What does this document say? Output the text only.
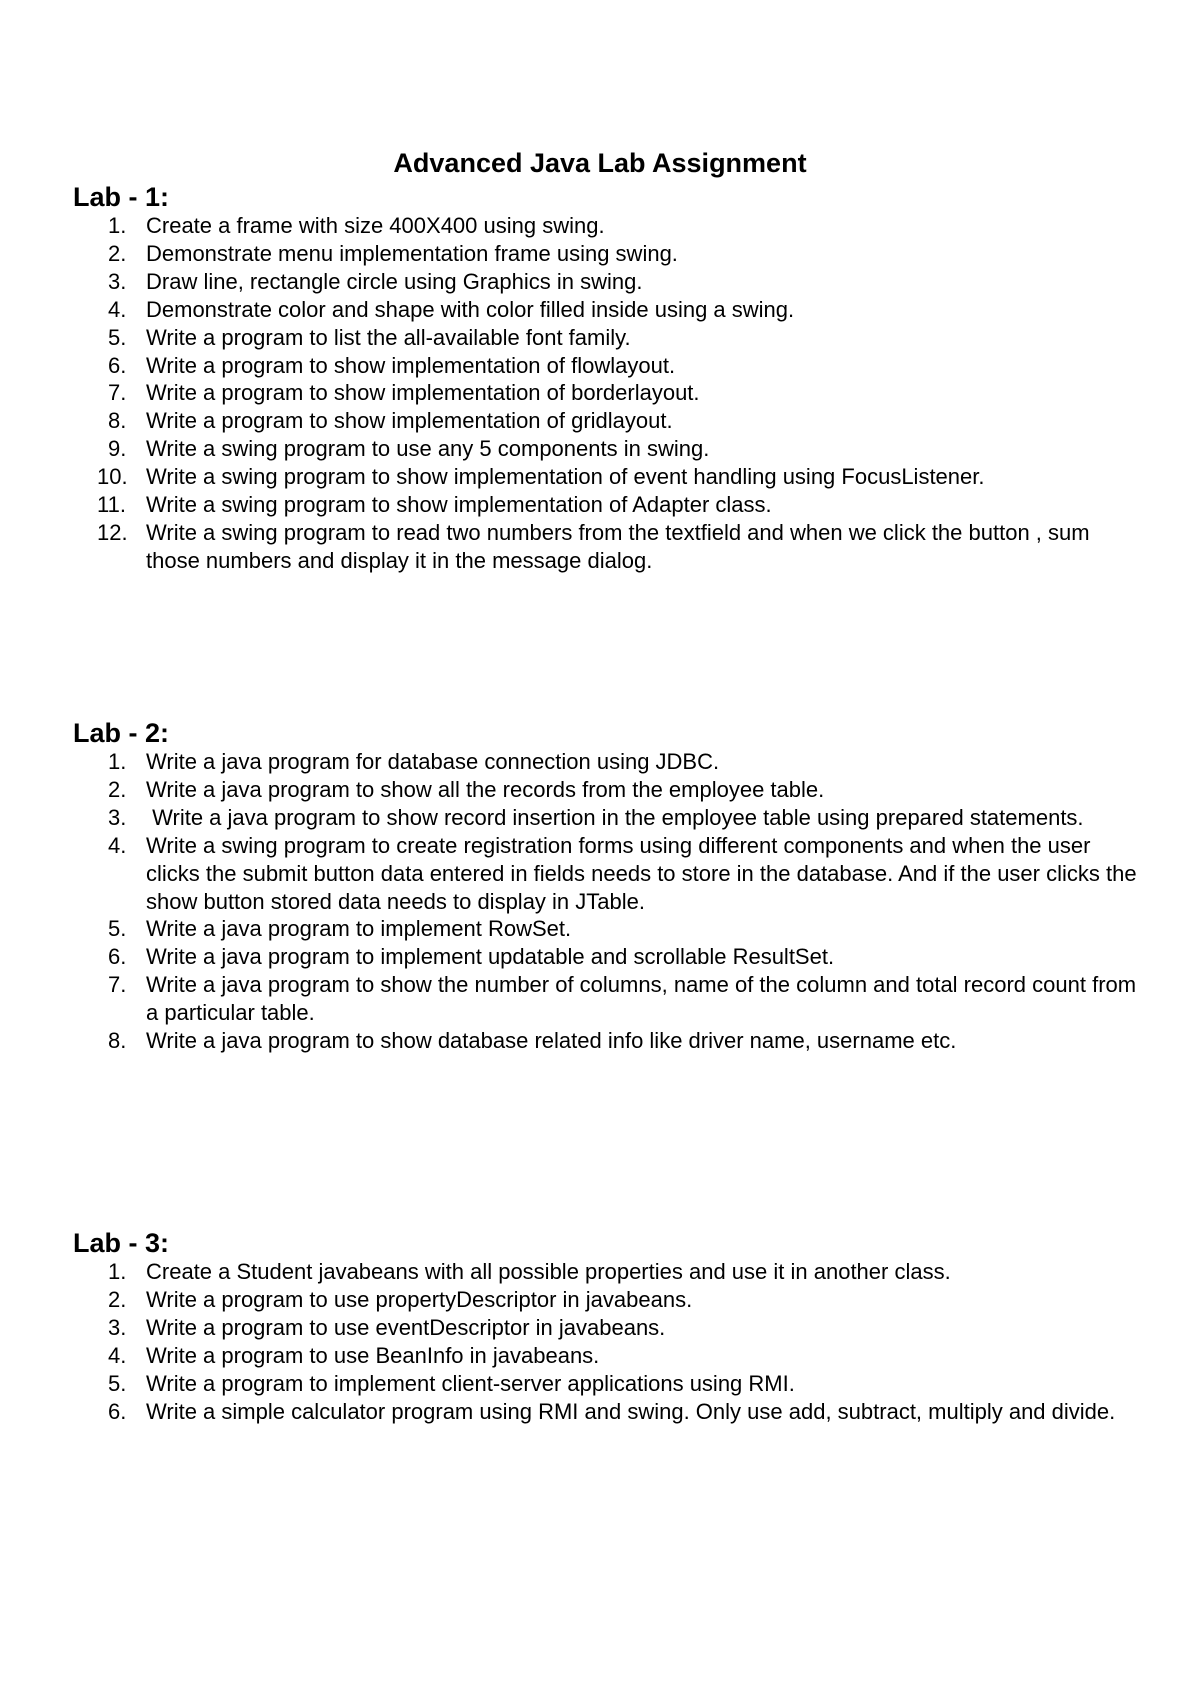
Advanced Java Lab Assignment
Lab - 1:
1. Create a frame with size 400X400 using swing.
2. Demonstrate menu implementation frame using swing.
3. Draw line, rectangle circle using Graphics in swing.
4. Demonstrate color and shape with color filled inside using a swing.
5. Write a program to list the all-available font family.
6. Write a program to show implementation of flowlayout.
7. Write a program to show implementation of borderlayout.
8. Write a program to show implementation of gridlayout.
9. Write a swing program to use any 5 components in swing.
10. Write a swing program to show implementation of event handling using FocusListener.
11. Write a swing program to show implementation of Adapter class.
12. Write a swing program to read two numbers from the textfield and when we click the button , sum those numbers and display it in the message dialog.
Lab - 2:
1. Write a java program for database connection using JDBC.
2. Write a java program to show all the records from the employee table.
3. Write a java program to show record insertion in the employee table using prepared statements.
4. Write a swing program to create registration forms using different components and when the user clicks the submit button data entered in fields needs to store in the database. And if the user clicks the show button stored data needs to display in JTable.
5. Write a java program to implement RowSet.
6. Write a java program to implement updatable and scrollable ResultSet.
7. Write a java program to show the number of columns, name of the column and total record count from a particular table.
8. Write a java program to show database related info like driver name, username etc.
Lab - 3:
1. Create a Student javabeans with all possible properties and use it in another class.
2. Write a program to use propertyDescriptor in javabeans.
3. Write a program to use eventDescriptor in javabeans.
4. Write a program to use BeanInfo in javabeans.
5. Write a program to implement client-server applications using RMI.
6. Write a simple calculator program using RMI and swing. Only use add, subtract, multiply and divide.
